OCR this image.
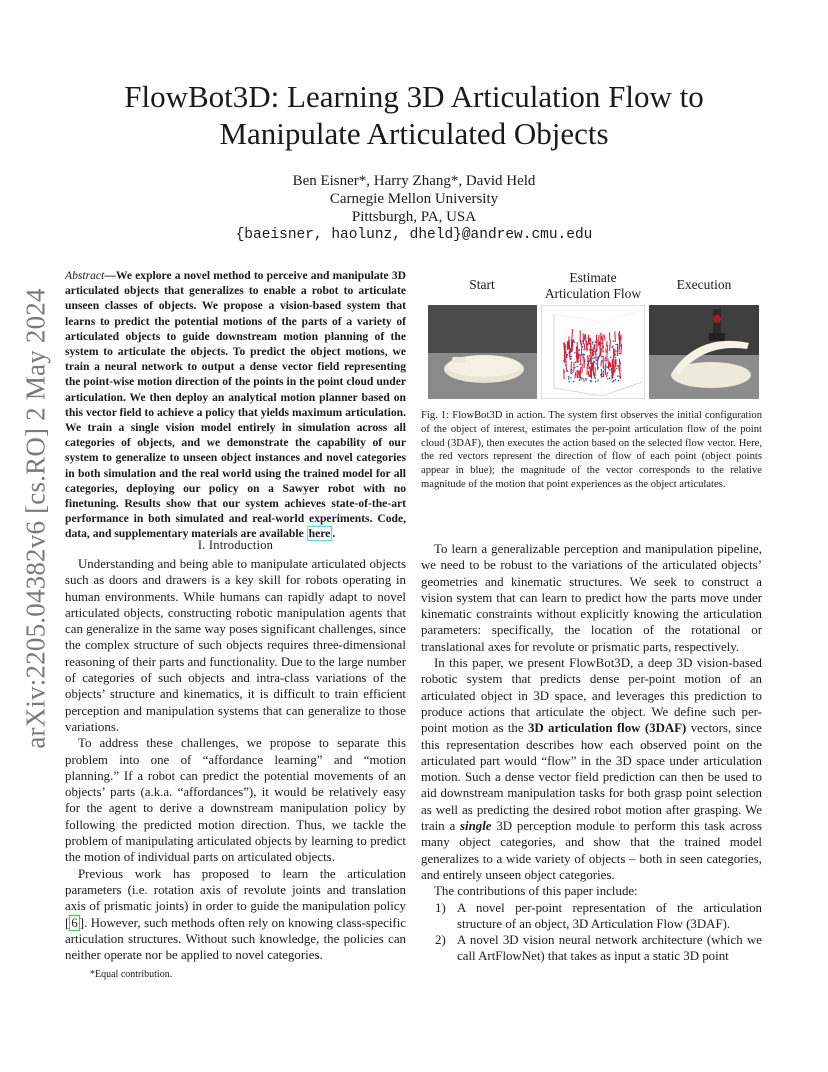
arXiv:2205.04382v6 [cs.RO] 2 May 2024
FlowBot3D: Learning 3D Articulation Flow to
Manipulate Articulated Objects
Ben Eisner*, Harry Zhang*, David Held
Carnegie Mellon University
Pittsburgh, PA, USA
{baeisner, haolunz, dheld}@andrew.cmu.edu

Abstract—We explore a novel method to perceive and manipulate 3D articulated objects that generalizes to enable a robot to articulate unseen classes of objects. We propose a vision-based system that learns to predict the potential motions of the parts of a variety of articulated objects to guide downstream motion planning of the system to articulate the objects. To predict the object motions, we train a neural network to output a dense vector field representing the point-wise motion direction of the points in the point cloud under articulation. We then deploy an analytical motion planner based on this vector field to achieve a policy that yields maximum articulation. We train a single vision model entirely in simulation across all categories of objects, and we demonstrate the capability of our system to generalize to unseen object instances and novel categories in both simulation and the real world using the trained model for all categories, deploying our policy on a Sawyer robot with no finetuning. Results show that our system achieves state-of-the-art performance in both simulated and real-world experiments. Code, data, and supplementary materials are available here .

I. Introduction

Understanding and being able to manipulate articulated objects such as doors and drawers is a key skill for robots operating in human environments. While humans can rapidly adapt to novel articulated objects, constructing robotic manipulation agents that can generalize in the same way poses significant challenges, since the complex structure of such objects requires three-dimensional reasoning of their parts and functionality. Due to the large number of categories of such objects and intra-class variations of the objects’ structure and kinematics, it is difficult to train efficient perception and manipulation systems that can generalize to those variations.

To address these challenges, we propose to separate this problem into one of “affordance learning” and “motion planning.” If a robot can predict the potential movements of an objects’ parts (a.k.a. “affordances”), it would be relatively easy for the agent to derive a downstream manipulation policy by following the predicted motion direction. Thus, we tackle the problem of manipulating articulated objects by learning to predict the motion of individual parts on articulated objects.

Previous work has proposed to learn the articulation parameters (i.e. rotation axis of revolute joints and translation axis of prismatic joints) in order to guide the manipulation policy [ 6 ]. However, such methods often rely on knowing class-specific articulation structures. Without such knowledge, the policies can neither operate nor be applied to novel categories.

*Equal contribution.
Start	Estimate
Articulation Flow
Execution

Fig. 1: FlowBot3D in action. The system first observes the initial configuration of the object of interest, estimates the per-point articulation flow of the point cloud (3DAF), then executes the action based on the selected flow vector. Here, the red vectors represent the direction of flow of each point (object points appear in blue); the magnitude of the vector corresponds to the relative magnitude of the motion that point experiences as the object articulates.

To learn a generalizable perception and manipulation pipeline, we need to be robust to the variations of the articulated objects’ geometries and kinematic structures. We seek to construct a vision system that can learn to predict how the parts move under kinematic constraints without explicitly knowing the articulation parameters: specifically, the location of the rotational or translational axes for revolute or prismatic parts, respectively.

In this paper, we present FlowBot3D, a deep 3D vision-based robotic system that predicts dense per-point motion of an articulated object in 3D space, and leverages this prediction to produce actions that articulate the object. We define such per-point motion as the 3D articulation flow (3DAF) vectors, since this representation describes how each observed point on the articulated part would “flow” in the 3D space under articulation motion. Such a dense vector field prediction can then be used to aid downstream manipulation tasks for both grasp point selection as well as predicting the desired robot motion after grasping. We train a single 3D perception module to perform this task across many object categories, and show that the trained model generalizes to a wide variety of objects – both in seen categories, and entirely unseen object categories.

The contributions of this paper include:

1) A novel per-point representation of the articulation structure of an object, 3D Articulation Flow (3DAF).
2) A novel 3D vision neural network architecture (which we call ArtFlowNet) that takes as input a static 3D point
